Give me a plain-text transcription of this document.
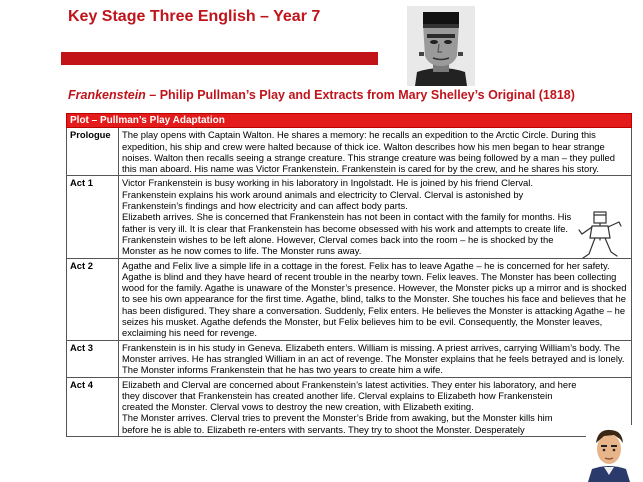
Key Stage Three English – Year 7
Frankenstein – Philip Pullman’s Play and Extracts from Mary Shelley’s Original (1818)
Plot – Pullman’s Play Adaptation	
Prologue	The play opens with Captain Walton. He shares a memory: he recalls an expedition to the Arctic Circle. During this expedition, his ship and crew were halted because of thick ice. Walton describes how his men began to hear strange noises. Walton then recalls seeing a strange creature. This strange creature was being followed by a man – they pulled this man aboard. His name was Victor Frankenstein. Frankenstein is cared for by the crew, and he shares his story.

Act 1	Victor Frankenstein is busy working in his laboratory in Ingolstadt. He is joined by his friend Clerval. Frankenstein explains his work around animals and electricity to Clerval. Clerval is astonished by Frankenstein’s findings and how electricity and can affect body parts.

Elizabeth arrives. She is concerned that Frankenstein has not been in contact with the family for months. His father is very ill. It is clear that Frankenstein has become obsessed with his work and attempts to create life. Frankenstein wishes to be left alone. However, Clerval comes back into the room – he is shocked by the Monster as he now comes to life. The Monster runs away.

Act 2	Agathe and Felix live a simple life in a cottage in the forest. Felix has to leave Agathe – he is concerned for her safety. Agathe is blind and they have heard of recent trouble in the nearby town. Felix leaves. The Monster has been collecting wood for the family. Agathe is unaware of the Monster’s presence. However, the Monster picks up a mirror and is shocked to see his own appearance for the first time. Agathe, blind, talks to the Monster. She touches his face and believes that he has been disfigured. They share a conversation. Suddenly, Felix enters. He believes the Monster is attacking Agathe – he seizes his musket. Agathe defends the Monster, but Felix believes him to be evil. Consequently, the Monster leaves, exclaiming his need for revenge.

Act 3	Frankenstein is in his study in Geneva. Elizabeth enters. William is missing. A priest arrives, carrying William’s body. The Monster arrives. He has strangled William in an act of revenge. The Monster explains that he feels betrayed and is lonely. The Monster informs Frankenstein that he has two years to create him a wife.

Act 4	Elizabeth and Clerval are concerned about Frankenstein’s latest activities. They enter his laboratory, and here they discover that Frankenstein has created another life. Clerval explains to Elizabeth how Frankenstein created the Monster. Clerval vows to destroy the new creation, with Elizabeth exiting.

The Monster arrives. Clerval tries to prevent the Monster’s Bride from awaking, but the Monster kills him before he is able to. Elizabeth re-enters with servants. They try to shoot the Monster. Desperately
